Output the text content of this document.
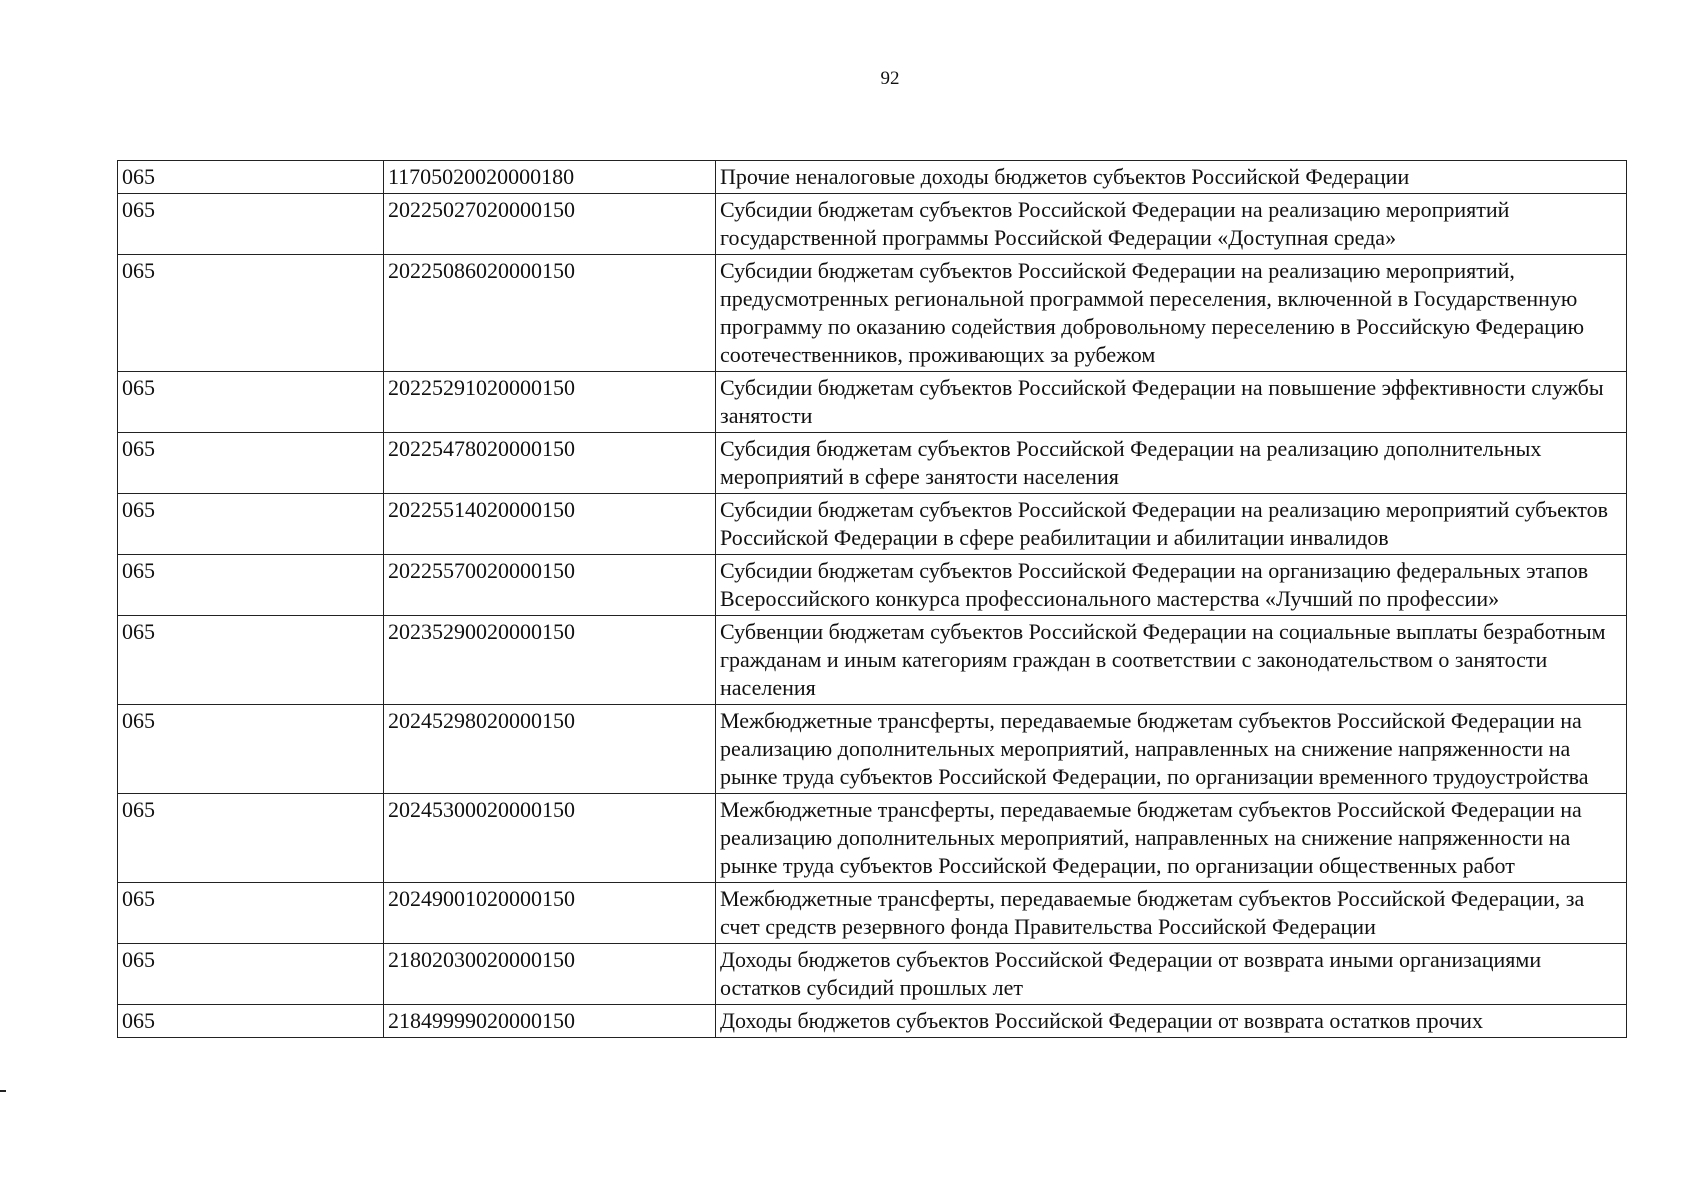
92
065	11705020020000180	Прочие неналоговые доходы бюджетов субъектов Российской Федерации
065	20225027020000150	Субсидии бюджетам субъектов Российской Федерации на реализацию мероприятий государственной программы Российской Федерации «Доступная среда»
065	20225086020000150	Субсидии бюджетам субъектов Российской Федерации на реализацию мероприятий, предусмотренных региональной программой переселения, включенной в Государственную программу по оказанию содействия добровольному переселению в Российскую Федерацию соотечественников, проживающих за рубежом
065	20225291020000150	Субсидии бюджетам субъектов Российской Федерации на повышение эффективности службы занятости
065	20225478020000150	Субсидия бюджетам субъектов Российской Федерации на реализацию дополнительных мероприятий в сфере занятости населения
065	20225514020000150	Субсидии бюджетам субъектов Российской Федерации на реализацию мероприятий субъектов Российской Федерации в сфере реабилитации и абилитации инвалидов
065	20225570020000150	Субсидии бюджетам субъектов Российской Федерации на организацию федеральных этапов Всероссийского конкурса профессионального мастерства «Лучший по профессии»
065	20235290020000150	Субвенции бюджетам субъектов Российской Федерации на социальные выплаты безработным гражданам и иным категориям граждан в соответствии с законодательством о занятости населения
065	20245298020000150	Межбюджетные трансферты, передаваемые бюджетам субъектов Российской Федерации на реализацию дополнительных мероприятий, направленных на снижение напряженности на рынке труда субъектов Российской Федерации, по организации временного трудоустройства
065	20245300020000150	Межбюджетные трансферты, передаваемые бюджетам субъектов Российской Федерации на реализацию дополнительных мероприятий, направленных на снижение напряженности на рынке труда субъектов Российской Федерации, по организации общественных работ
065	20249001020000150	Межбюджетные трансферты, передаваемые бюджетам субъектов Российской Федерации, за счет средств резервного фонда Правительства Российской Федерации
065	21802030020000150	Доходы бюджетов субъектов Российской Федерации от возврата иными организациями остатков субсидий прошлых лет
065	21849999020000150	Доходы бюджетов субъектов Российской Федерации от возврата остатков прочих
